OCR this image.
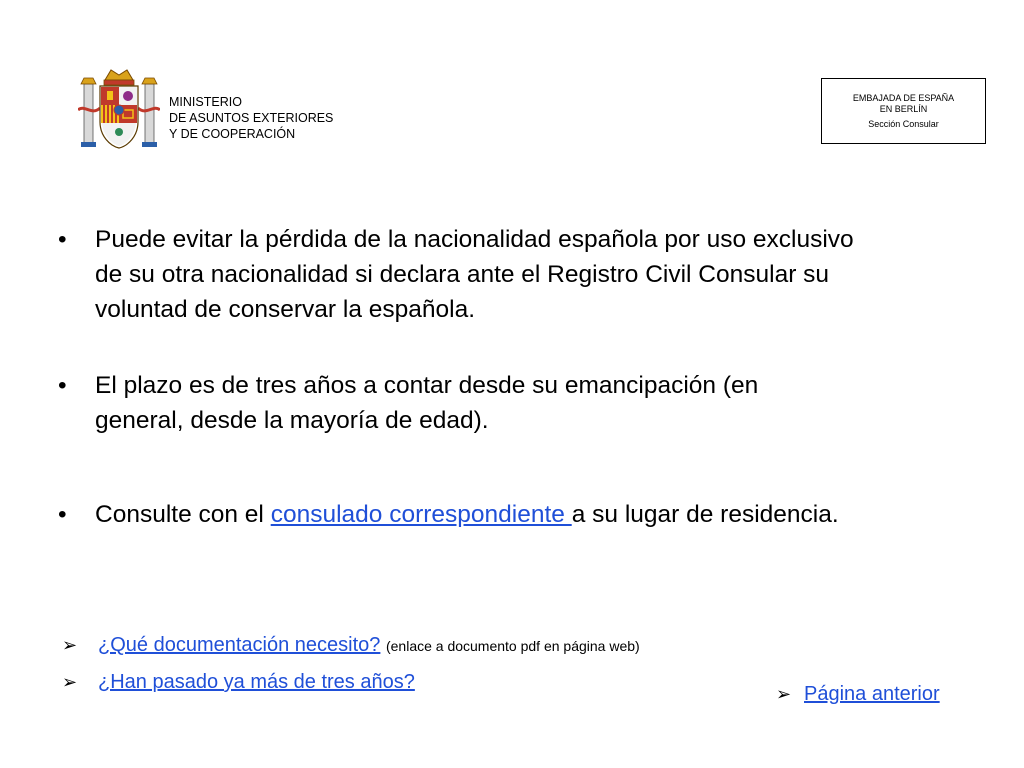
MINISTERIO
DE ASUNTOS EXTERIORES
Y DE COOPERACIÓN
EMBAJADA DE ESPAÑA
EN BERLÍN
Sección Consular
•	Puede evitar la pérdida de la nacionalidad española por uso exclusivo
de su otra nacionalidad si declara ante el Registro Civil Consular su
voluntad de conservar la española.
•	El plazo es de tres años a contar desde su emancipación (en
general, desde la mayoría de edad).
•	Consulte con el consulado correspondiente a su lugar de residencia.
➢ ¿Qué documentación necesito? (enlace a documento pdf en página web)
➢ ¿Han pasado ya más de tres años?
➢ Página anterior
